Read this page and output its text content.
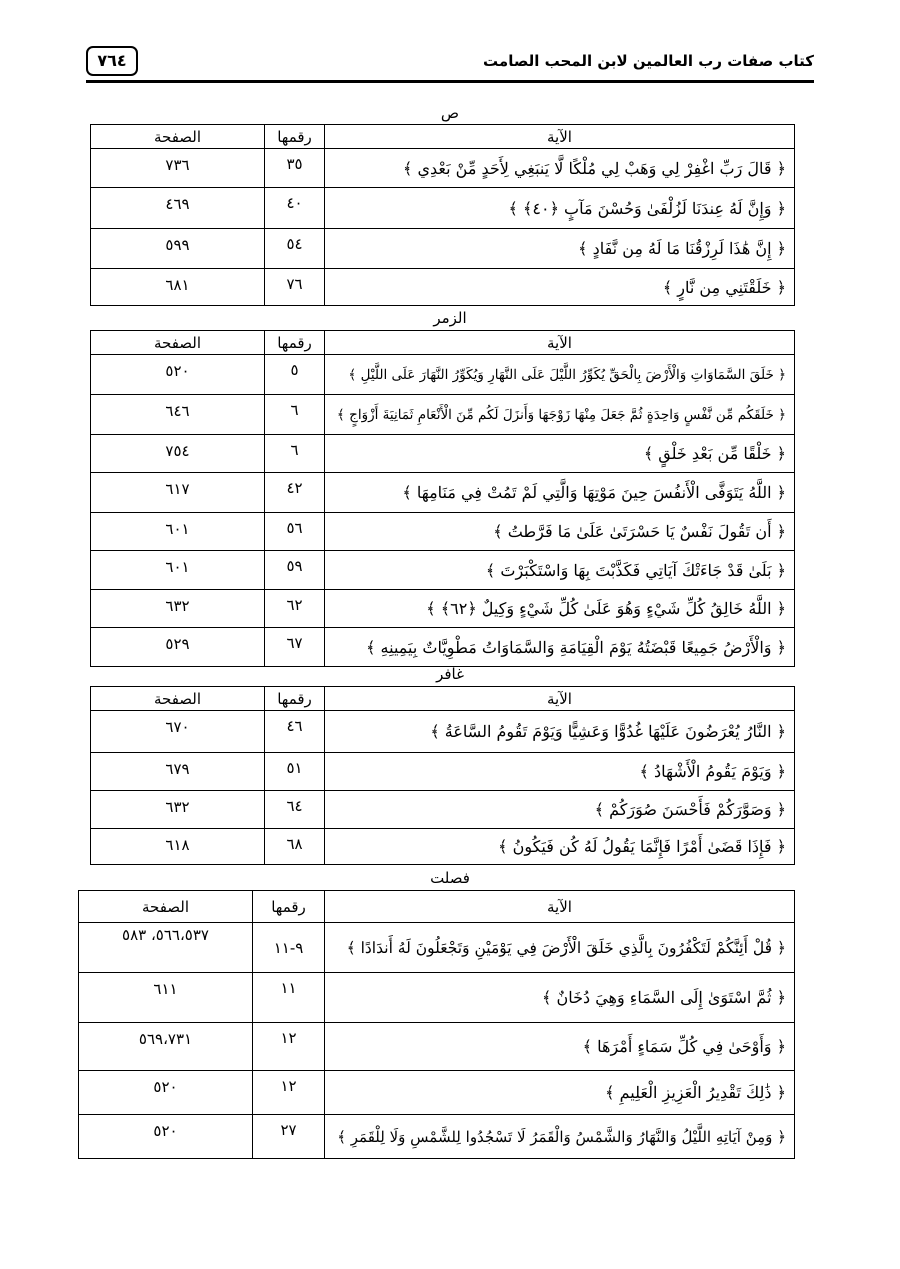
كتاب صفات رب العالمين لابن المحب الصامت
٧٦٤
ص
الآية	رقمها	الصفحة
﴿ قَالَ رَبِّ اغْفِرْ لِي وَهَبْ لِي مُلْكًا لَّا يَنبَغِي لِأَحَدٍ مِّنْ بَعْدِي ﴾	٣٥	٧٣٦
﴿ وَإِنَّ لَهُ عِندَنَا لَزُلْفَىٰ وَحُسْنَ مَآبٍ ﴿٤٠﴾ ﴾	٤٠	٤٦٩
﴿ إِنَّ هَٰذَا لَرِزْقُنَا مَا لَهُ مِن نَّفَادٍ ﴾	٥٤	٥٩٩
﴿ خَلَقْتَنِي مِن نَّارٍ ﴾	٧٦	٦٨١
الزمر
الآية	رقمها	الصفحة
﴿ خَلَقَ السَّمَاوَاتِ وَالْأَرْضَ بِالْحَقِّ يُكَوِّرُ اللَّيْلَ عَلَى النَّهَارِ وَيُكَوِّرُ النَّهَارَ عَلَى اللَّيْلِ ﴾	٥	٥٢٠
﴿ خَلَقَكُم مِّن نَّفْسٍ وَاحِدَةٍ ثُمَّ جَعَلَ مِنْهَا زَوْجَهَا وَأَنزَلَ لَكُم مِّنَ الْأَنْعَامِ ثَمَانِيَةَ أَزْوَاجٍ ﴾	٦	٦٤٦
﴿ خَلْقًا مِّن بَعْدِ خَلْقٍ ﴾	٦	٧٥٤
﴿ اللَّهُ يَتَوَفَّى الْأَنفُسَ حِينَ مَوْتِهَا وَالَّتِي لَمْ تَمُتْ فِي مَنَامِهَا ﴾	٤٢	٦١٧
﴿ أَن تَقُولَ نَفْسٌ يَا حَسْرَتَىٰ عَلَىٰ مَا فَرَّطتُ ﴾	٥٦	٦٠١
﴿ بَلَىٰ قَدْ جَاءَتْكَ آيَاتِي فَكَذَّبْتَ بِهَا وَاسْتَكْبَرْتَ ﴾	٥٩	٦٠١
﴿ اللَّهُ خَالِقُ كُلِّ شَيْءٍ وَهُوَ عَلَىٰ كُلِّ شَيْءٍ وَكِيلٌ ﴿٦٢﴾ ﴾	٦٢	٦٣٢
﴿ وَالْأَرْضُ جَمِيعًا قَبْضَتُهُ يَوْمَ الْقِيَامَةِ وَالسَّمَاوَاتُ مَطْوِيَّاتٌ بِيَمِينِهِ ﴾	٦٧	٥٢٩
غافر
الآية	رقمها	الصفحة
﴿ النَّارُ يُعْرَضُونَ عَلَيْهَا غُدُوًّا وَعَشِيًّا وَيَوْمَ تَقُومُ السَّاعَةُ ﴾	٤٦	٦٧٠
﴿ وَيَوْمَ يَقُومُ الْأَشْهَادُ ﴾	٥١	٦٧٩
﴿ وَصَوَّرَكُمْ فَأَحْسَنَ صُوَرَكُمْ ﴾	٦٤	٦٣٢
﴿ فَإِذَا قَضَىٰ أَمْرًا فَإِنَّمَا يَقُولُ لَهُ كُن فَيَكُونُ ﴾	٦٨	٦١٨
فصلت
الآية	رقمها	الصفحة
﴿ قُلْ أَئِنَّكُمْ لَتَكْفُرُونَ بِالَّذِي خَلَقَ الْأَرْضَ فِي يَوْمَيْنِ وَتَجْعَلُونَ لَهُ أَندَادًا ﴾	٩-١١	٥٦٦،٥٣٧، ٥٨٣
﴿ ثُمَّ اسْتَوَىٰ إِلَى السَّمَاءِ وَهِيَ دُخَانٌ ﴾	١١	٦١١
﴿ وَأَوْحَىٰ فِي كُلِّ سَمَاءٍ أَمْرَهَا ﴾	١٢	٥٦٩،٧٣١
﴿ ذَٰلِكَ تَقْدِيرُ الْعَزِيزِ الْعَلِيمِ ﴾	١٢	٥٢٠
﴿ وَمِنْ آيَاتِهِ اللَّيْلُ وَالنَّهَارُ وَالشَّمْسُ وَالْقَمَرُ لَا تَسْجُدُوا لِلشَّمْسِ وَلَا لِلْقَمَرِ ﴾	٢٧	٥٢٠
